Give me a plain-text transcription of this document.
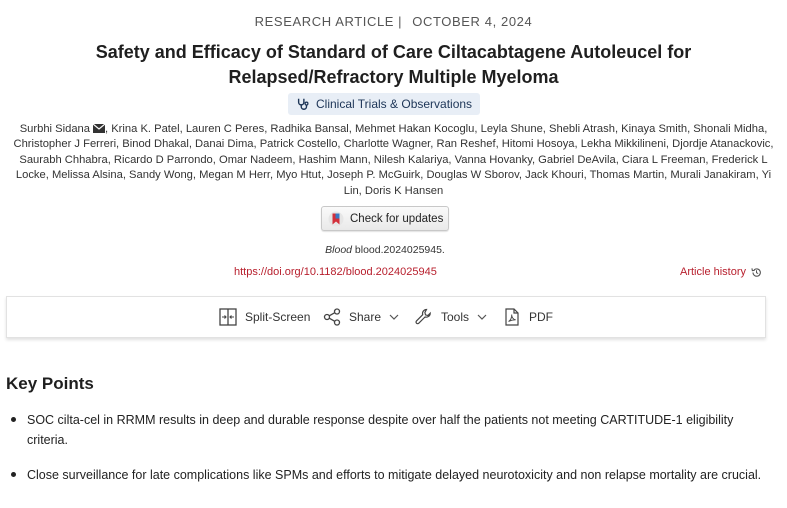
RESEARCH ARTICLE | OCTOBER 4, 2024
Safety and Efficacy of Standard of Care Ciltacabtagene Autoleucel for Relapsed/Refractory Multiple Myeloma
Clinical Trials & Observations
Surbhi Sidana , Krina K. Patel, Lauren C Peres, Radhika Bansal, Mehmet Hakan Kocoglu, Leyla Shune, Shebli Atrash, Kinaya Smith, Shonali Midha, Christopher J Ferreri, Binod Dhakal, Danai Dima, Patrick Costello, Charlotte Wagner, Ran Reshef, Hitomi Hosoya, Lekha Mikkilineni, Djordje Atanackovic, Saurabh Chhabra, Ricardo D Parrondo, Omar Nadeem, Hashim Mann, Nilesh Kalariya, Vanna Hovanky, Gabriel DeAvila, Ciara L Freeman, Frederick L Locke, Melissa Alsina, Sandy Wong, Megan M Herr, Myo Htut, Joseph P. McGuirk, Douglas W Sborov, Jack Khouri, Thomas Martin, Murali Janakiram, Yi Lin, Doris K Hansen
Check for updates
Blood blood.2024025945.
https://doi.org/10.1182/blood.2024025945	Article history
Split-Screen	Share	Tools	PDF
Key Points
SOC cilta-cel in RRMM results in deep and durable response despite over half the patients not meeting CARTITUDE-1 eligibility criteria.
Close surveillance for late complications like SPMs and efforts to mitigate delayed neurotoxicity and non relapse mortality are crucial.
